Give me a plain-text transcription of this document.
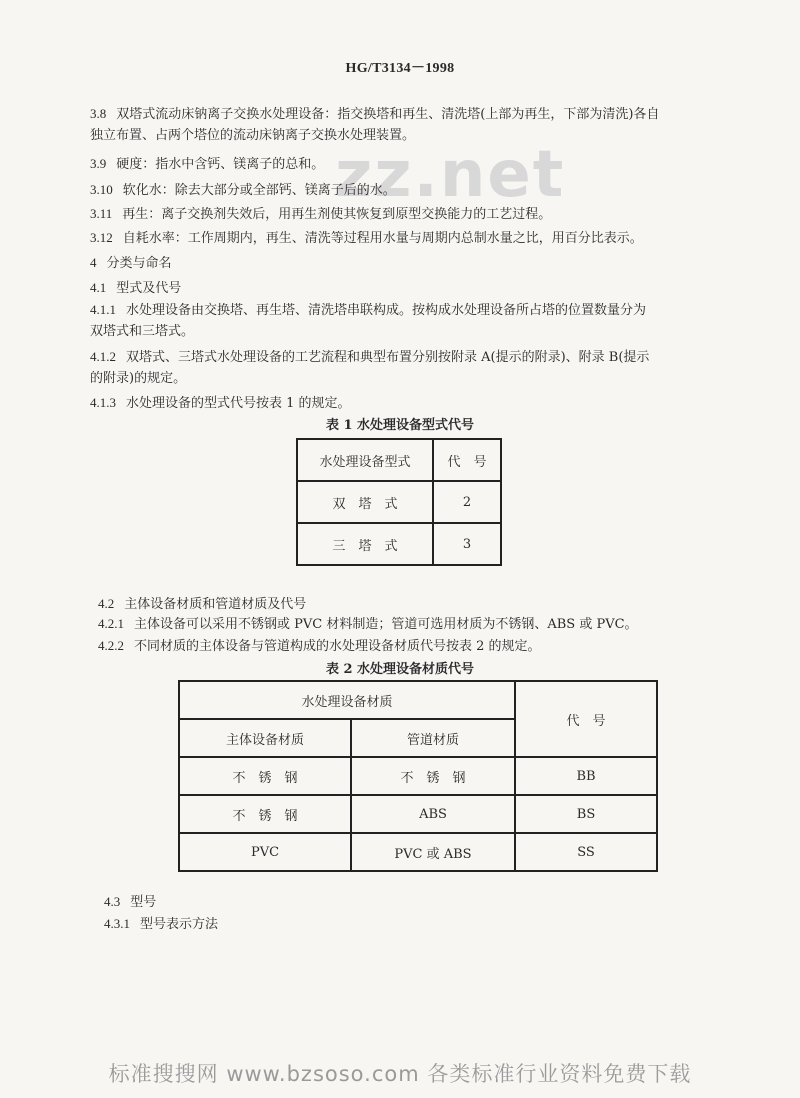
zz.net
HG/T3134－1998
3.8 双塔式流动床钠离子交换水处理设备：指交换塔和再生、清洗塔(上部为再生，下部为清洗)各自
独立布置、占两个塔位的流动床钠离子交换水处理装置。
3.9 硬度：指水中含钙、镁离子的总和。
3.10 软化水：除去大部分或全部钙、镁离子后的水。
3.11 再生：离子交换剂失效后，用再生剂使其恢复到原型交换能力的工艺过程。
3.12 自耗水率：工作周期内，再生、清洗等过程用水量与周期内总制水量之比，用百分比表示。
4 分类与命名
4.1 型式及代号
4.1.1 水处理设备由交换塔、再生塔、清洗塔串联构成。按构成水处理设备所占塔的位置数量分为
双塔式和三塔式。
4.1.2 双塔式、三塔式水处理设备的工艺流程和典型布置分别按附录 A(提示的附录)、附录 B(提示
的附录)的规定。
4.1.3 水处理设备的型式代号按表 1 的规定。
表 1 水处理设备型式代号
水处理设备型式	代　号
双　塔　式	2
三　塔　式	3
4.2 主体设备材质和管道材质及代号
4.2.1 主体设备可以采用不锈钢或 PVC 材料制造；管道可选用材质为不锈钢、ABS 或 PVC。
4.2.2 不同材质的主体设备与管道构成的水处理设备材质代号按表 2 的规定。
表 2 水处理设备材质代号
水处理设备材质		代　号
主体设备材质	管道材质	
不　锈　钢	不　锈　钢	BB
不　锈　钢	ABS	BS
PVC	PVC 或 ABS	SS
4.3 型号
4.3.1 型号表示方法
标准搜搜网 www.bzsoso.com 各类标准行业资料免费下载
